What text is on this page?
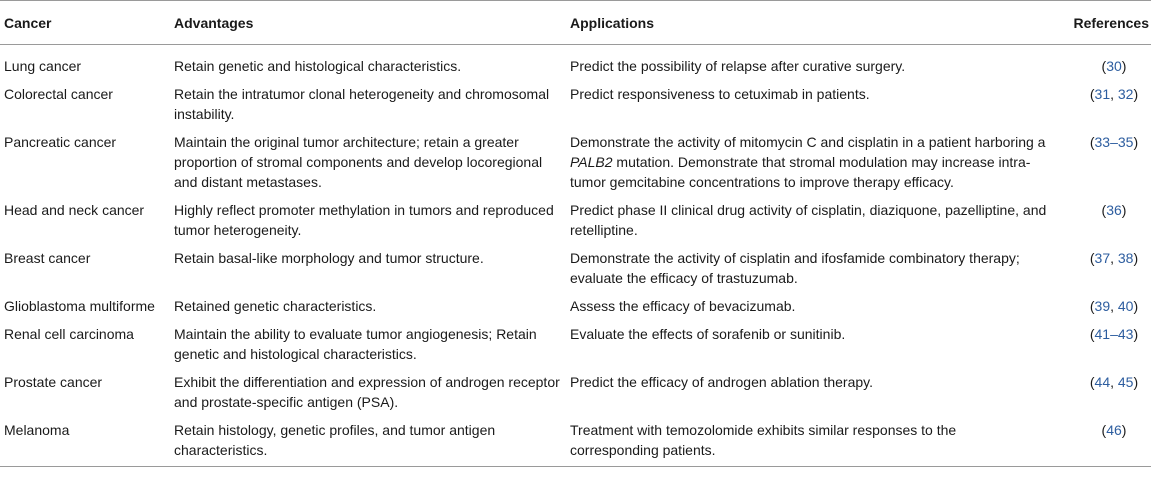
Cancer	Advantages	Applications	References
Lung cancer	Retain genetic and histological characteristics.	Predict the possibility of relapse after curative surgery.	(30)
Colorectal cancer	Retain the intratumor clonal heterogeneity and chromosomal instability.	Predict responsiveness to cetuximab in patients.	(31, 32)
Pancreatic cancer	Maintain the original tumor architecture; retain a greater proportion of stromal components and develop locoregional and distant metastases.	Demonstrate the activity of mitomycin C and cisplatin in a patient harboring a PALB2 mutation. Demonstrate that stromal modulation may increase intra-tumor gemcitabine concentrations to improve therapy efficacy.	(33–35)
Head and neck cancer	Highly reflect promoter methylation in tumors and reproduced tumor heterogeneity.	Predict phase II clinical drug activity of cisplatin, diaziquone, pazelliptine, and retelliptine.	(36)
Breast cancer	Retain basal-like morphology and tumor structure.	Demonstrate the activity of cisplatin and ifosfamide combinatory therapy; evaluate the efficacy of trastuzumab.	(37, 38)
Glioblastoma multiforme	Retained genetic characteristics.	Assess the efficacy of bevacizumab.	(39, 40)
Renal cell carcinoma	Maintain the ability to evaluate tumor angiogenesis; Retain genetic and histological characteristics.	Evaluate the effects of sorafenib or sunitinib.	(41–43)
Prostate cancer	Exhibit the differentiation and expression of androgen receptor and prostate-specific antigen (PSA).	Predict the efficacy of androgen ablation therapy.	(44, 45)
Melanoma	Retain histology, genetic profiles, and tumor antigen characteristics.	Treatment with temozolomide exhibits similar responses to the corresponding patients.	(46)
